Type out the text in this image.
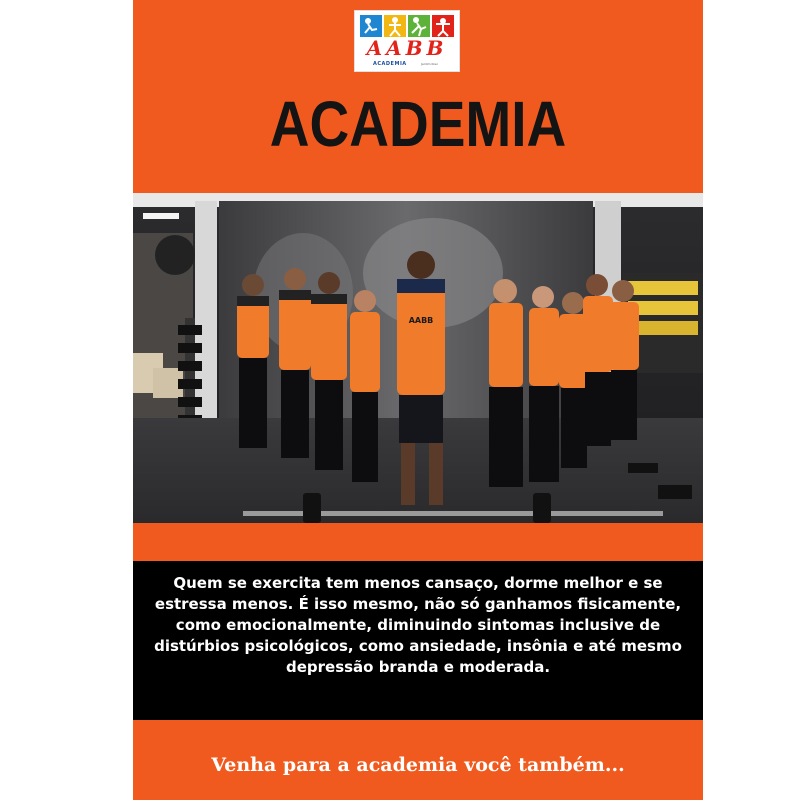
AABB
ACADEMIA	Jardim Kiwi
ACADEMIA
AABB
Quem se exercita tem menos cansaço, dorme melhor e se estressa menos. É isso mesmo, não só ganhamos fisicamente, como emocionalmente, diminuindo sintomas inclusive de distúrbios psicológicos, como ansiedade, insônia e até mesmo depressão branda e moderada.
Venha para a academia você também...
